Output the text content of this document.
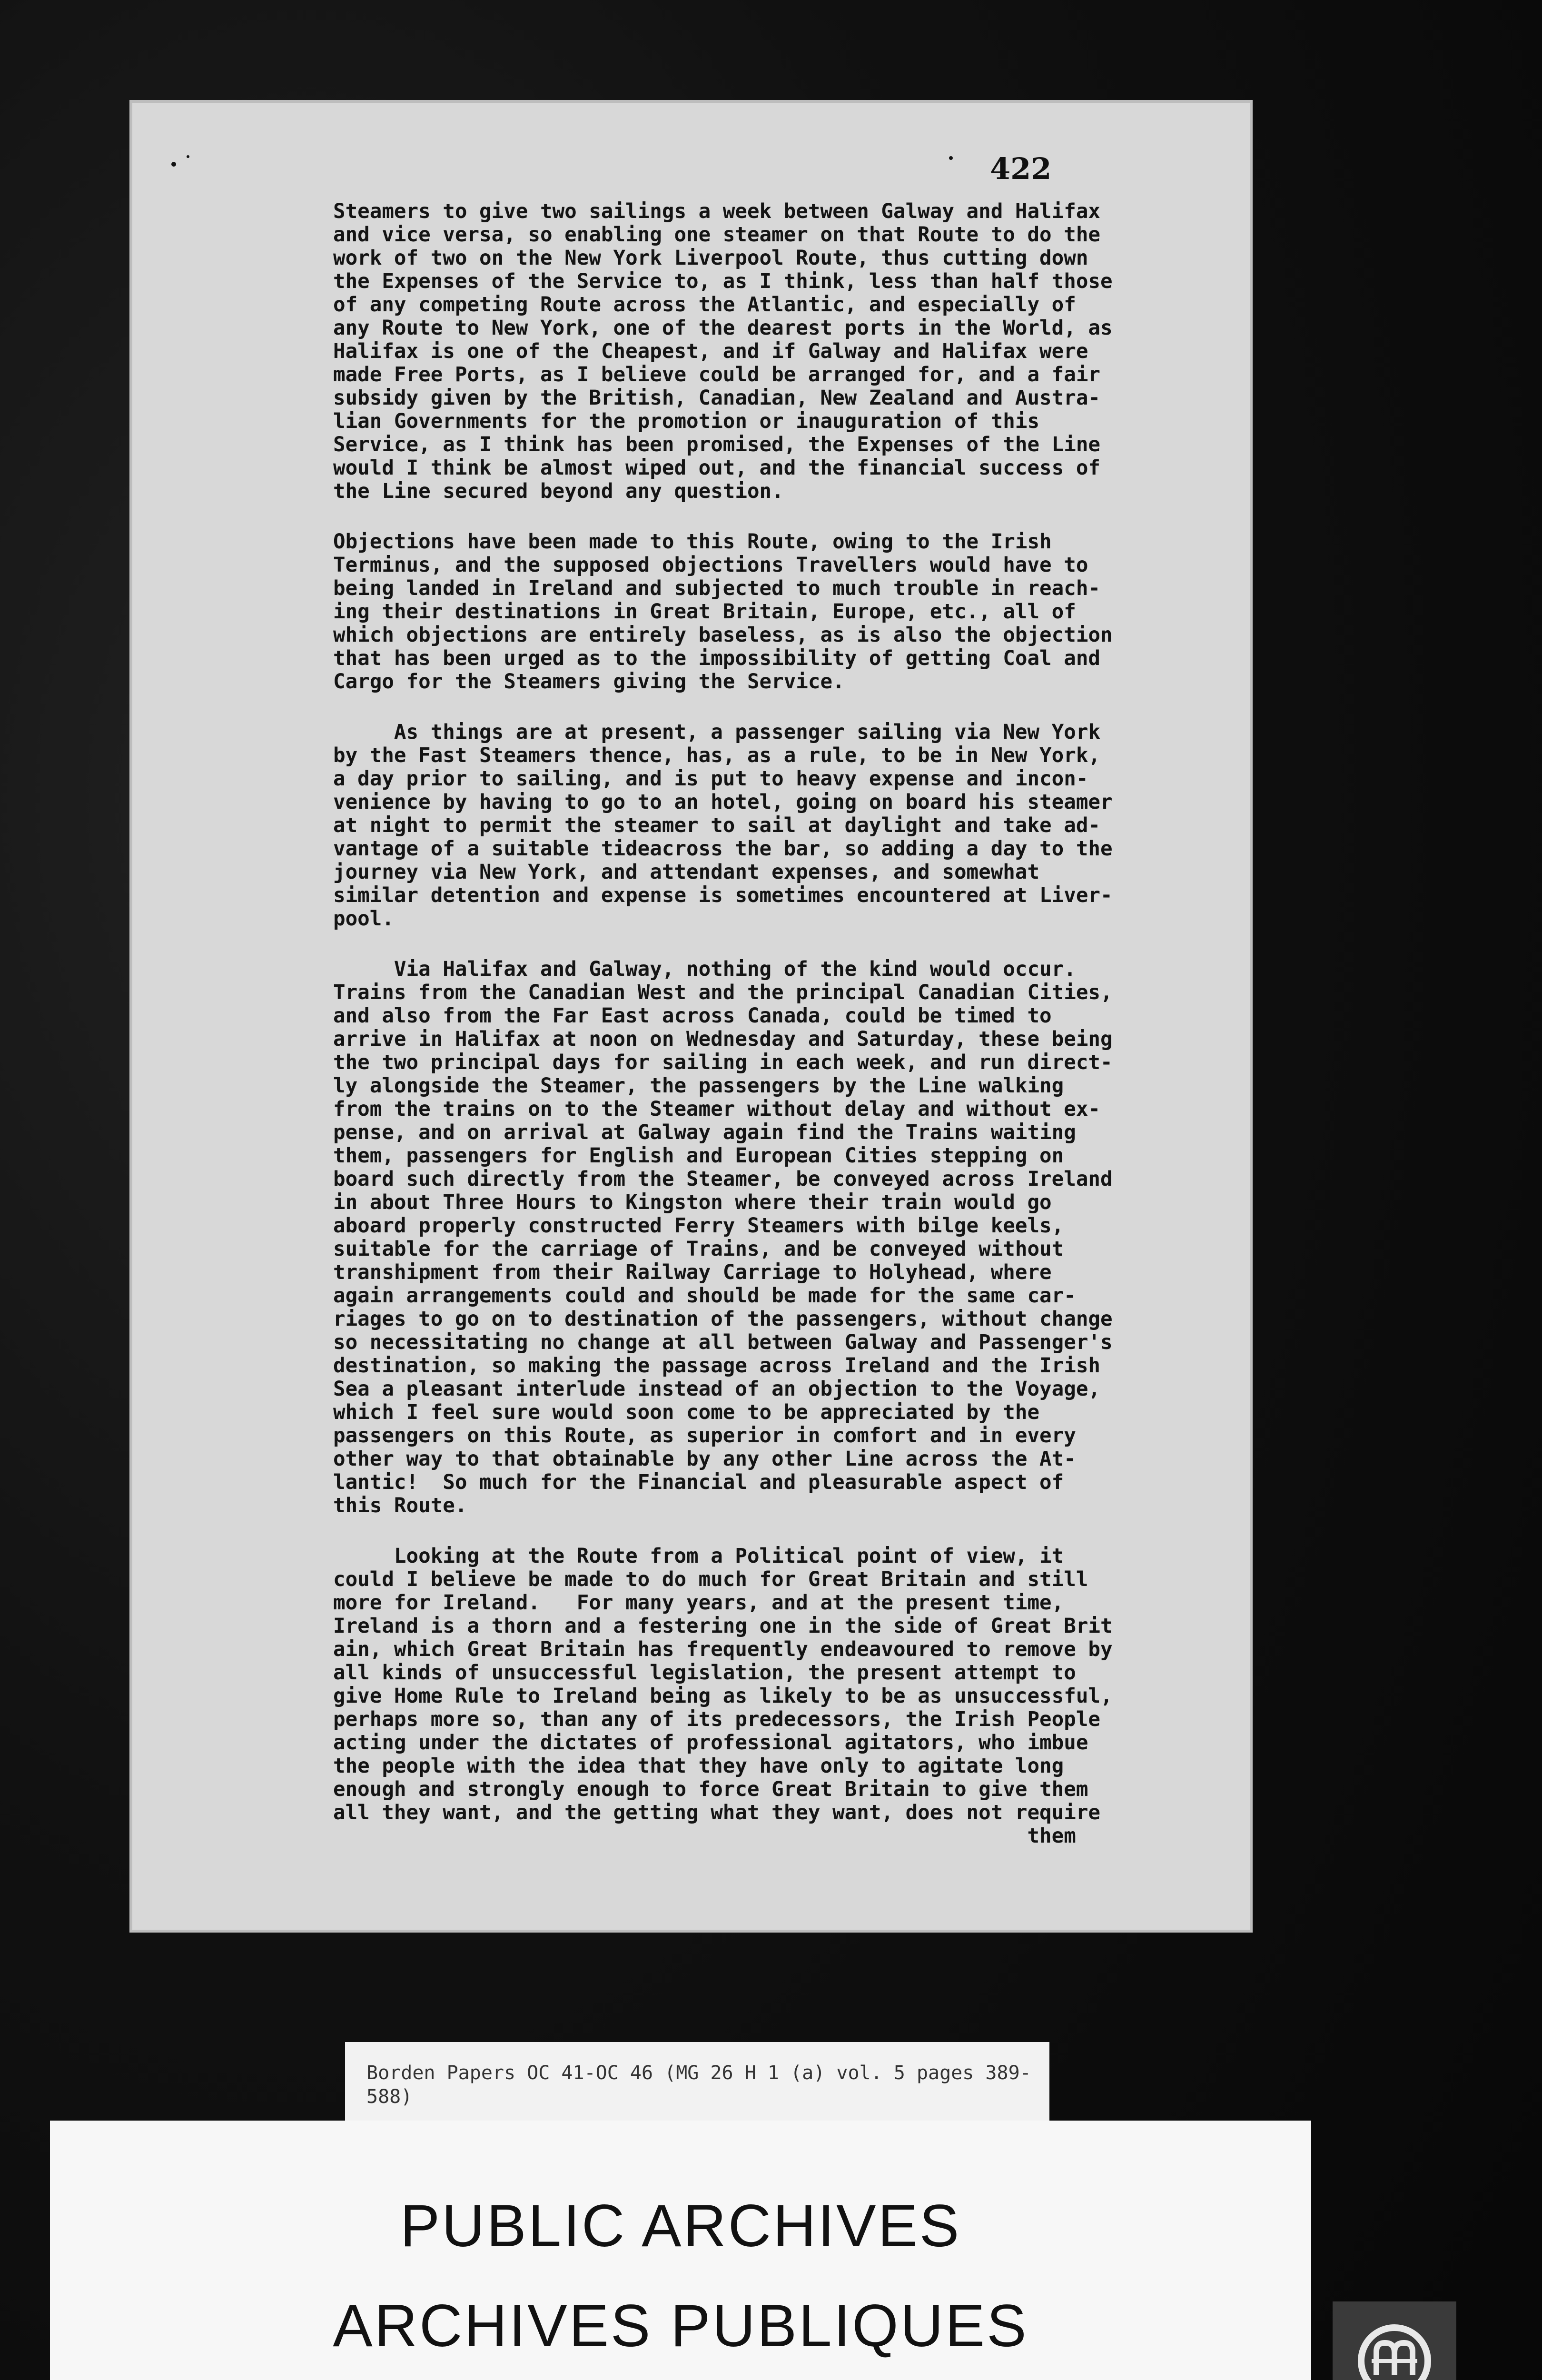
422

Steamers to give two sailings a week between Galway and Halifax
and vice versa, so enabling one steamer on that Route to do the
work of two on the New York Liverpool Route, thus cutting down
the Expenses of the Service to, as I think, less than half those
of any competing Route across the Atlantic, and especially of
any Route to New York, one of the dearest ports in the World, as
Halifax is one of the Cheapest, and if Galway and Halifax were
made Free Ports, as I believe could be arranged for, and a fair
subsidy given by the British, Canadian, New Zealand and Austra-
lian Governments for the promotion or inauguration of this
Service, as I think has been promised, the Expenses of the Line
would I think be almost wiped out, and the financial success of
the Line secured beyond any question.

Objections have been made to this Route, owing to the Irish
Terminus, and the supposed objections Travellers would have to
being landed in Ireland and subjected to much trouble in reach-
ing their destinations in Great Britain, Europe, etc., all of
which objections are entirely baseless, as is also the objection
that has been urged as to the impossibility of getting Coal and
Cargo for the Steamers giving the Service.

As things are at present, a passenger sailing via New York
by the Fast Steamers thence, has, as a rule, to be in New York,
a day prior to sailing, and is put to heavy expense and incon-
venience by having to go to an hotel, going on board his steamer
at night to permit the steamer to sail at daylight and take ad-
vantage of a suitable tideacross the bar, so adding a day to the
journey via New York, and attendant expenses, and somewhat
similar detention and expense is sometimes encountered at Liver-
pool.

Via Halifax and Galway, nothing of the kind would occur.
Trains from the Canadian West and the principal Canadian Cities,
and also from the Far East across Canada, could be timed to
arrive in Halifax at noon on Wednesday and Saturday, these being
the two principal days for sailing in each week, and run direct-
ly alongside the Steamer, the passengers by the Line walking
from the trains on to the Steamer without delay and without ex-
pense, and on arrival at Galway again find the Trains waiting
them, passengers for English and European Cities stepping on
board such directly from the Steamer, be conveyed across Ireland
in about Three Hours to Kingston where their train would go
aboard properly constructed Ferry Steamers with bilge keels,
suitable for the carriage of Trains, and be conveyed without
transhipment from their Railway Carriage to Holyhead, where
again arrangements could and should be made for the same car-
riages to go on to destination of the passengers, without change
so necessitating no change at all between Galway and Passenger's
destination, so making the passage across Ireland and the Irish
Sea a pleasant interlude instead of an objection to the Voyage,
which I feel sure would soon come to be appreciated by the
passengers on this Route, as superior in comfort and in every
other way to that obtainable by any other Line across the At-
lantic!  So much for the Financial and pleasurable aspect of
this Route.

Looking at the Route from a Political point of view, it
could I believe be made to do much for Great Britain and still
more for Ireland.   For many years, and at the present time,
Ireland is a thorn and a festering one in the side of Great Brit
ain, which Great Britain has frequently endeavoured to remove by
all kinds of unsuccessful legislation, the present attempt to
give Home Rule to Ireland being as likely to be as unsuccessful,
perhaps more so, than any of its predecessors, the Irish People
acting under the dictates of professional agitators, who imbue
the people with the idea that they have only to agitate long
enough and strongly enough to force Great Britain to give them
all they want, and the getting what they want, does not require
them

Borden Papers OC 41-OC 46 (MG 26 H 1 (a) vol. 5 pages 389-588)
PUBLIC ARCHIVES
ARCHIVES PUBLIQUES
